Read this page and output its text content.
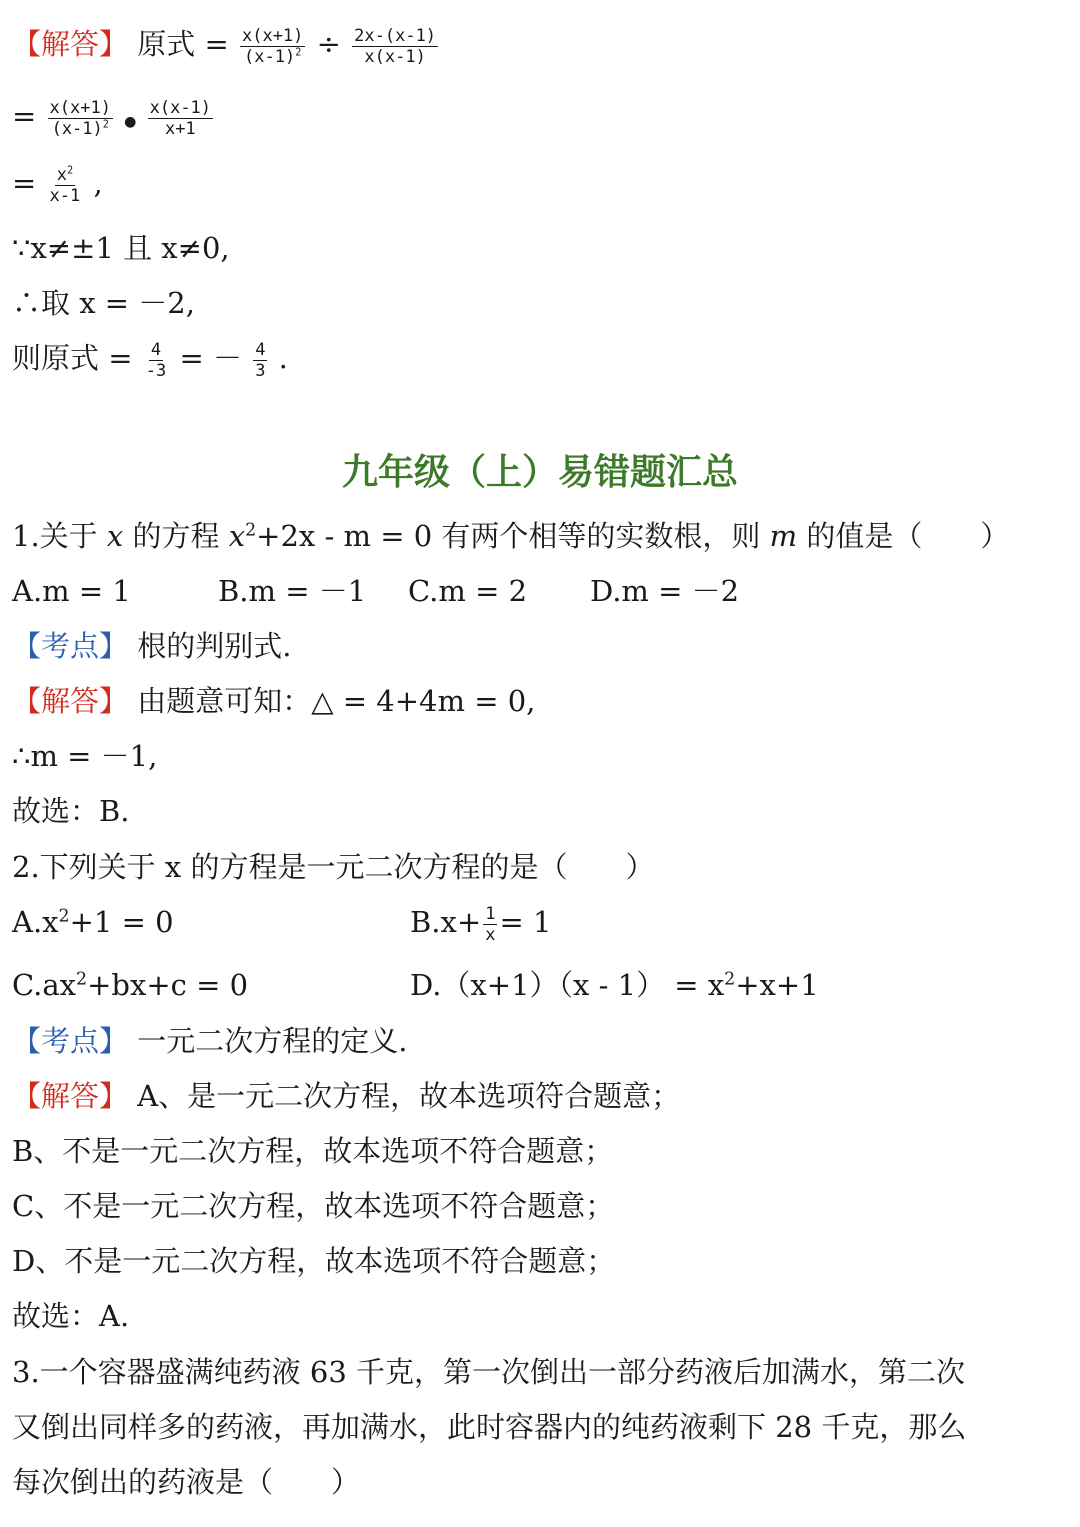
【解答】 原式 = $\frac{x(x+1)}{(x-1)^2} \div \frac{2x-(x-1)}{x(x-1)}$
= $\frac{x(x+1)}{(x-1)^2}$ ● $\frac{x(x-1)}{x+1}$
= $\frac{x^2}{x-1}$ ,
∵x≠±1 且 x≠0,
∴取 x = －2,
则原式 = $\frac{4}{-3}$ = － $\frac{4}{3}$ .
九年级（上）易错题汇总
1.关于 x 的方程 $x^2+2x - m = 0$ 有两个相等的实数根，则 m 的值是（　　）
A.m = 1	B.m = －1 C.m = 2 D.m = －2
【考点】 根的判别式.
【解答】 由题意可知：△ = 4+4m = 0,
∴m = －1,
故选：B.
2.下列关于 x 的方程是一元二次方程的是（　　）
$A.x^2+1 = 0$	$B.x+ \frac{1}{x} = 1$
$C.ax^2+bx+c = 0$	$D.(x+1)(x - 1) = x^2+x+1$
【考点】 一元二次方程的定义.
【解答】 A、是一元二次方程，故本选项符合题意；
B、不是一元二次方程，故本选项不符合题意；
C、不是一元二次方程，故本选项不符合题意；
D、不是一元二次方程，故本选项不符合题意；
故选：A.
3.一个容器盛满纯药液 63 千克，第一次倒出一部分药液后加满水，第二次
又倒出同样多的药液，再加满水，此时容器内的纯药液剩下 28 千克，那么
每次倒出的药液是（　　）
